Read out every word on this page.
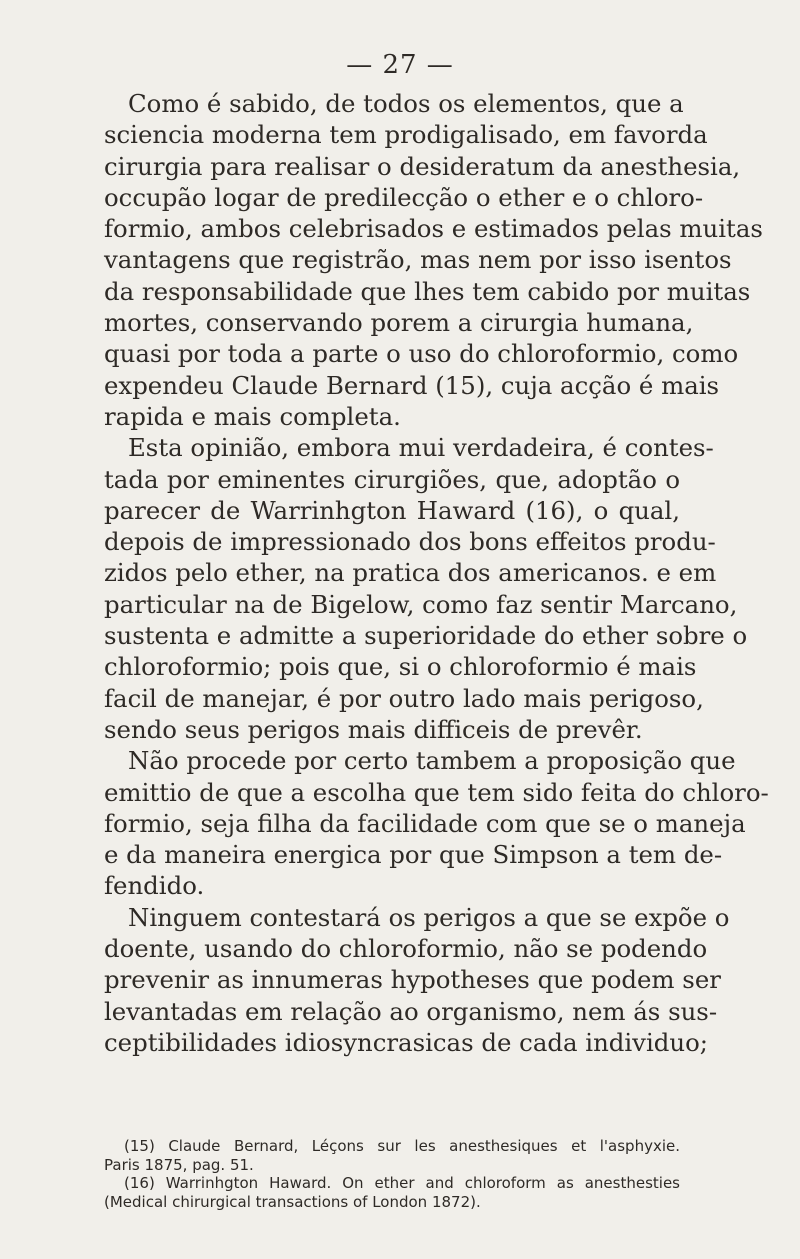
— 27 —
Como é sabido, de todos os elementos, que a
sciencia moderna tem prodigalisado, em favorda
cirurgia para realisar o desideratum da anesthesia,
occupão logar de predilecção o ether e o chloro-
formio, ambos celebrisados e estimados pelas muitas
vantagens que registrão, mas nem por isso isentos
da responsabilidade que lhes tem cabido por muitas
mortes, conservando porem a cirurgia humana,
quasi por toda a parte o uso do chloroformio, como
expendeu Claude Bernard (15), cuja acção é mais
rapida e mais completa.
Esta opinião, embora mui verdadeira, é contes-
tada por eminentes cirurgiões, que, adoptão o
parecer de Warrinhgton Haward (16), o qual,
depois de impressionado dos bons effeitos produ-
zidos pelo ether, na pratica dos americanos. e em
particular na de Bigelow, como faz sentir Marcano,
sustenta e admitte a superioridade do ether sobre o
chloroformio; pois que, si o chloroformio é mais
facil de manejar, é por outro lado mais perigoso,
sendo seus perigos mais difficeis de prevêr.
Não procede por certo tambem a proposição que
emittio de que a escolha que tem sido feita do chloro-
formio, seja filha da facilidade com que se o maneja
e da maneira energica por que Simpson a tem de-
fendido.
Ninguem contestará os perigos a que se expõe o
doente, usando do chloroformio, não se podendo
prevenir as innumeras hypotheses que podem ser
levantadas em relação ao organismo, nem ás sus-
ceptibilidades idiosyncrasicas de cada individuo;
(15) Claude Bernard, Léçons sur les anesthesiques et l'asphyxie.
Paris 1875, pag. 51.
(16) Warrinhgton Haward. On ether and chloroform as anesthesties
(Medical chirurgical transactions of London 1872).
